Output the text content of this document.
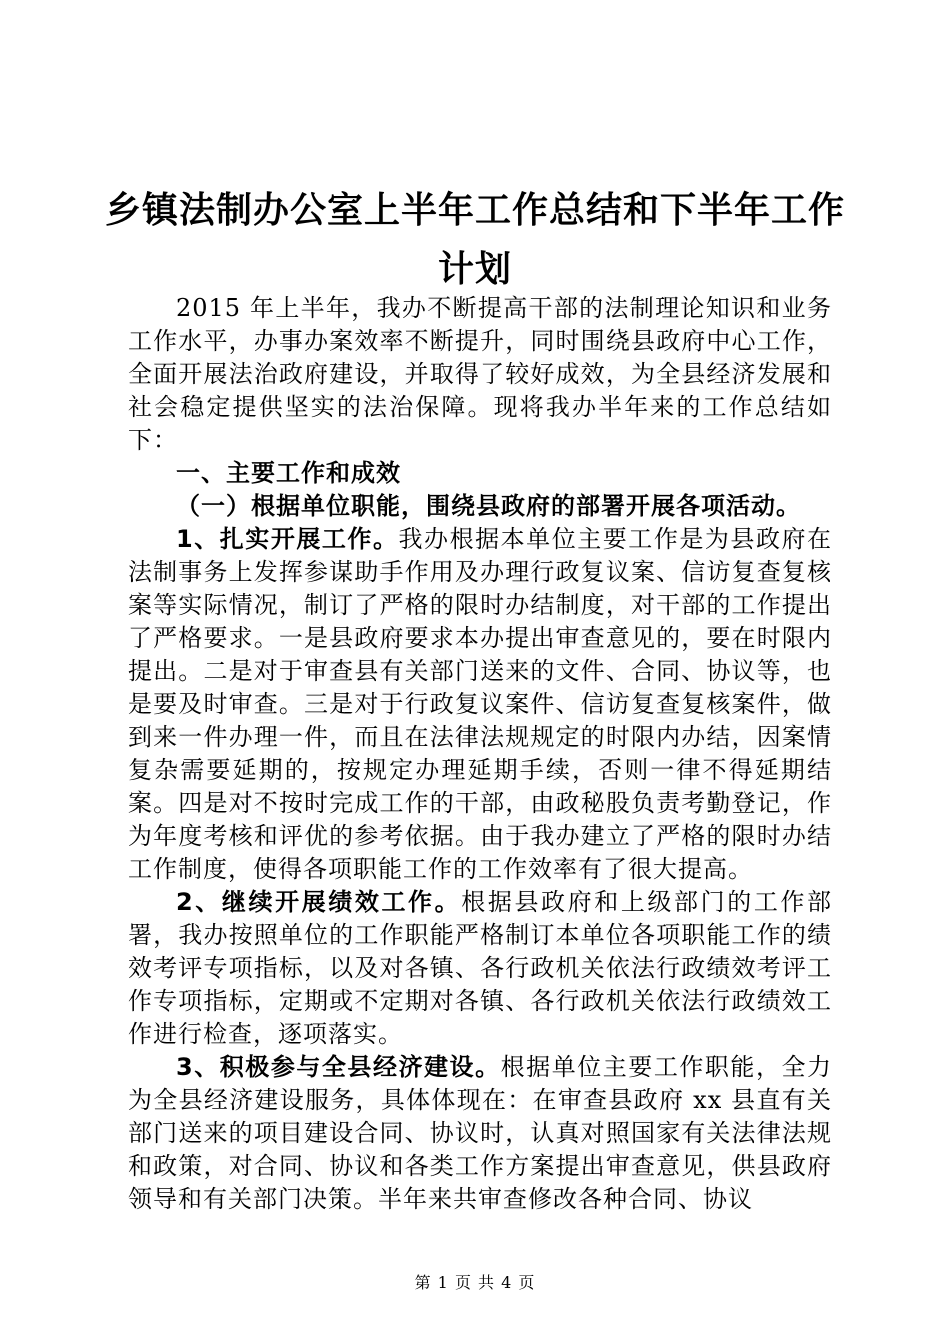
乡镇法制办公室上半年工作总结和下半年工作
计划

2015 年上半年，我办不断提高干部的法制理论知识和业务工作水平，办事办案效率不断提升，同时围绕县政府中心工作，全面开展法治政府建设，并取得了较好成效，为全县经济发展和社会稳定提供坚实的法治保障。现将我办半年来的工作总结如下：

一、主要工作和成效

（一）根据单位职能，围绕县政府的部署开展各项活动。

1、扎实开展工作。我办根据本单位主要工作是为县政府在法制事务上发挥参谋助手作用及办理行政复议案、信访复查复核案等实际情况，制订了严格的限时办结制度，对干部的工作提出了严格要求。一是县政府要求本办提出审查意见的，要在时限内提出。二是对于审查县有关部门送来的文件、合同、协议等，也是要及时审查。三是对于行政复议案件、信访复查复核案件，做到来一件办理一件，而且在法律法规规定的时限内办结，因案情复杂需要延期的，按规定办理延期手续，否则一律不得延期结案。四是对不按时完成工作的干部，由政秘股负责考勤登记，作为年度考核和评优的参考依据。由于我办建立了严格的限时办结工作制度，使得各项职能工作的工作效率有了很大提高。

2、继续开展绩效工作。根据县政府和上级部门的工作部署，我办按照单位的工作职能严格制订本单位各项职能工作的绩效考评专项指标，以及对各镇、各行政机关依法行政绩效考评工作专项指标，定期或不定期对各镇、各行政机关依法行政绩效工作进行检查，逐项落实。

3、积极参与全县经济建设。根据单位主要工作职能，全力为全县经济建设服务，具体体现在：在审查县政府 xx 县直有关部门送来的项目建设合同、协议时，认真对照国家有关法律法规和政策，对合同、协议和各类工作方案提出审查意见，供县政府领导和有关部门决策。半年来共审查修改各种合同、协议

第 1 页 共 4 页
